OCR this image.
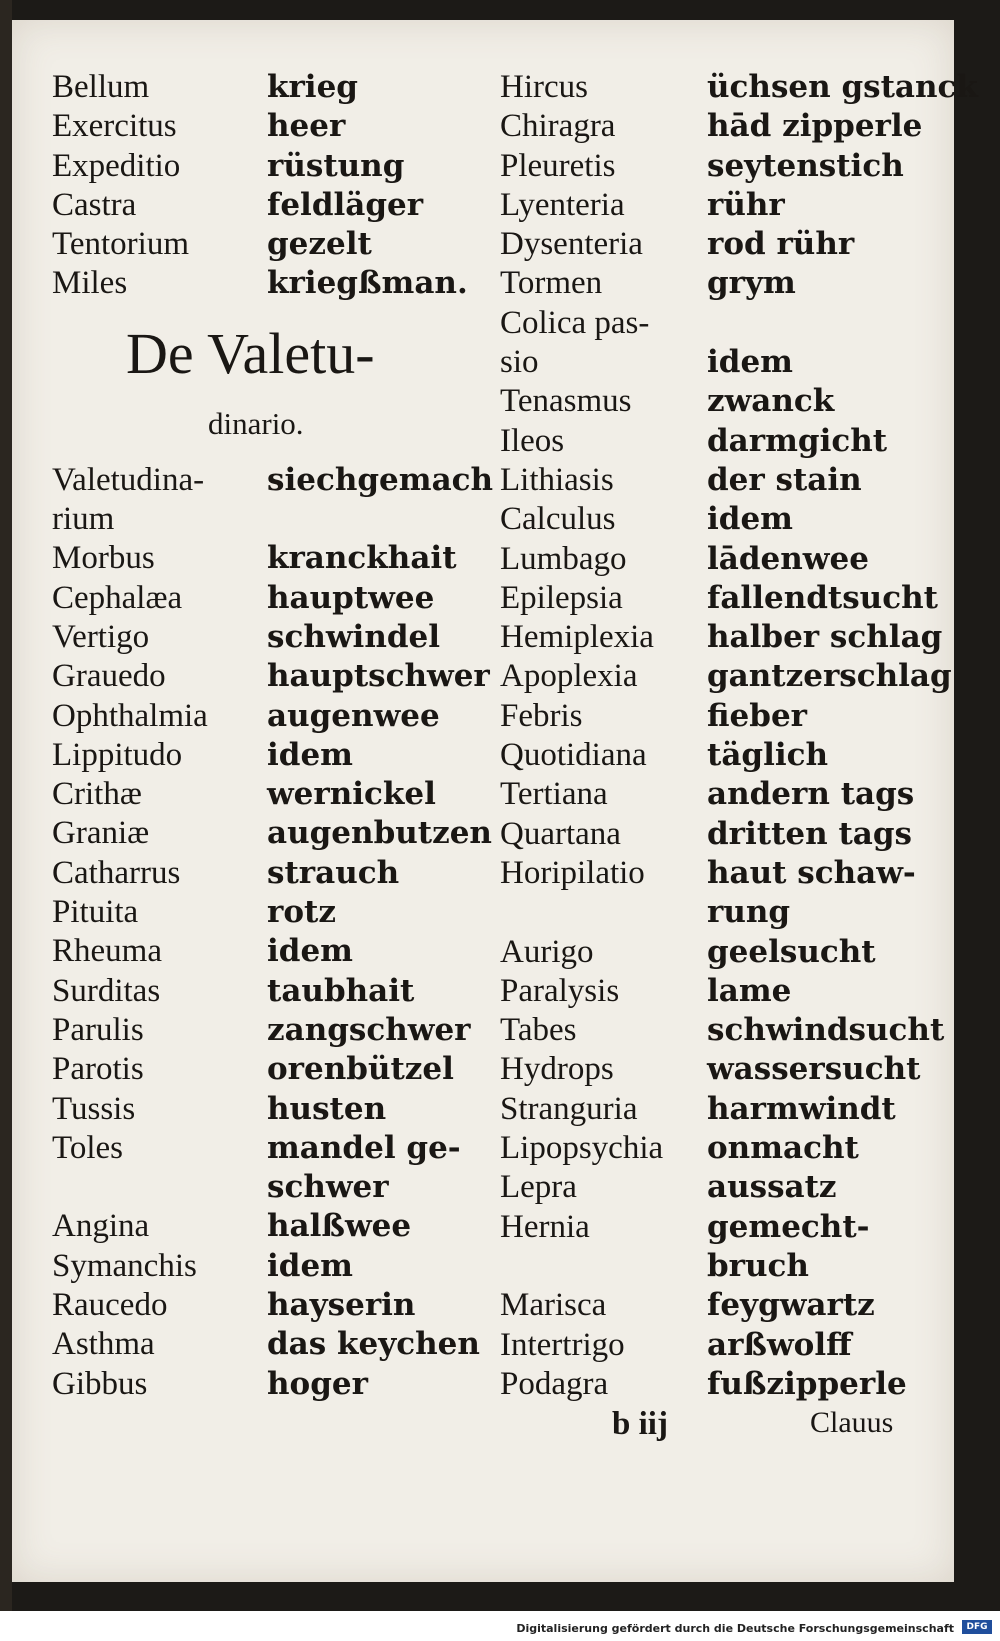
Bellum	krieg
Exercitus	heer
Expeditio	rüstung
Castra	feldläger
Tentorium	gezelt
Miles	kriegßman.
De Valetu-
dinario.
Valetudina- siechgemach
rium
Morbus	kranckhait
Cephalæa	hauptwee
Vertigo	schwindel
Grauedo	hauptschwer
Ophthalmia augenwee
Lippitudo	idem
Crithæ	wernickel
Graniæ	augenbutzen
Catharrus	strauch
Pituita	rotz
Rheuma	idem
Surditas	taubhait
Parulis	zangschwer
Parotis	orenbützel
Tussis	husten
Toles	mandel ge-
schwer
Angina	halßwee
Symanchis idem
Raucedo	hayserin
Asthma	das keychen
Gibbus	hoger
Hircus	üchsen gstanck
Chiragra	hād zipperle
Pleuretis	seytenstich
Lyenteria	rühr
Dysenteria rod rühr
Tormen	grym
Colica pas-
sio	idem
Tenasmus zwanck
Ileos	darmgicht
Lithiasis	der stain
Calculus	idem
Lumbago	lādenwee
Epilepsia	fallendtsucht
Hemiplexia halber schlag
Apoplexia gantzerschlag
Febris	fieber
Quotidiana täglich
Tertiana	andern tags
Quartana	dritten tags
Horipilatio haut schaw-
rung
Aurigo	geelsucht
Paralysis	lame
Tabes	schwindsucht
Hydrops	wassersucht
Stranguria harmwindt
Lipopsychia onmacht
Lepra	aussatz
Hernia	gemecht-
bruch
Marisca	feygwartz
Intertrigo	arßwolff
Podagra	fußzipperle
b iij	Clauus
Digitalisierung gefördert durch die Deutsche Forschungsgemeinschaft	DFG
